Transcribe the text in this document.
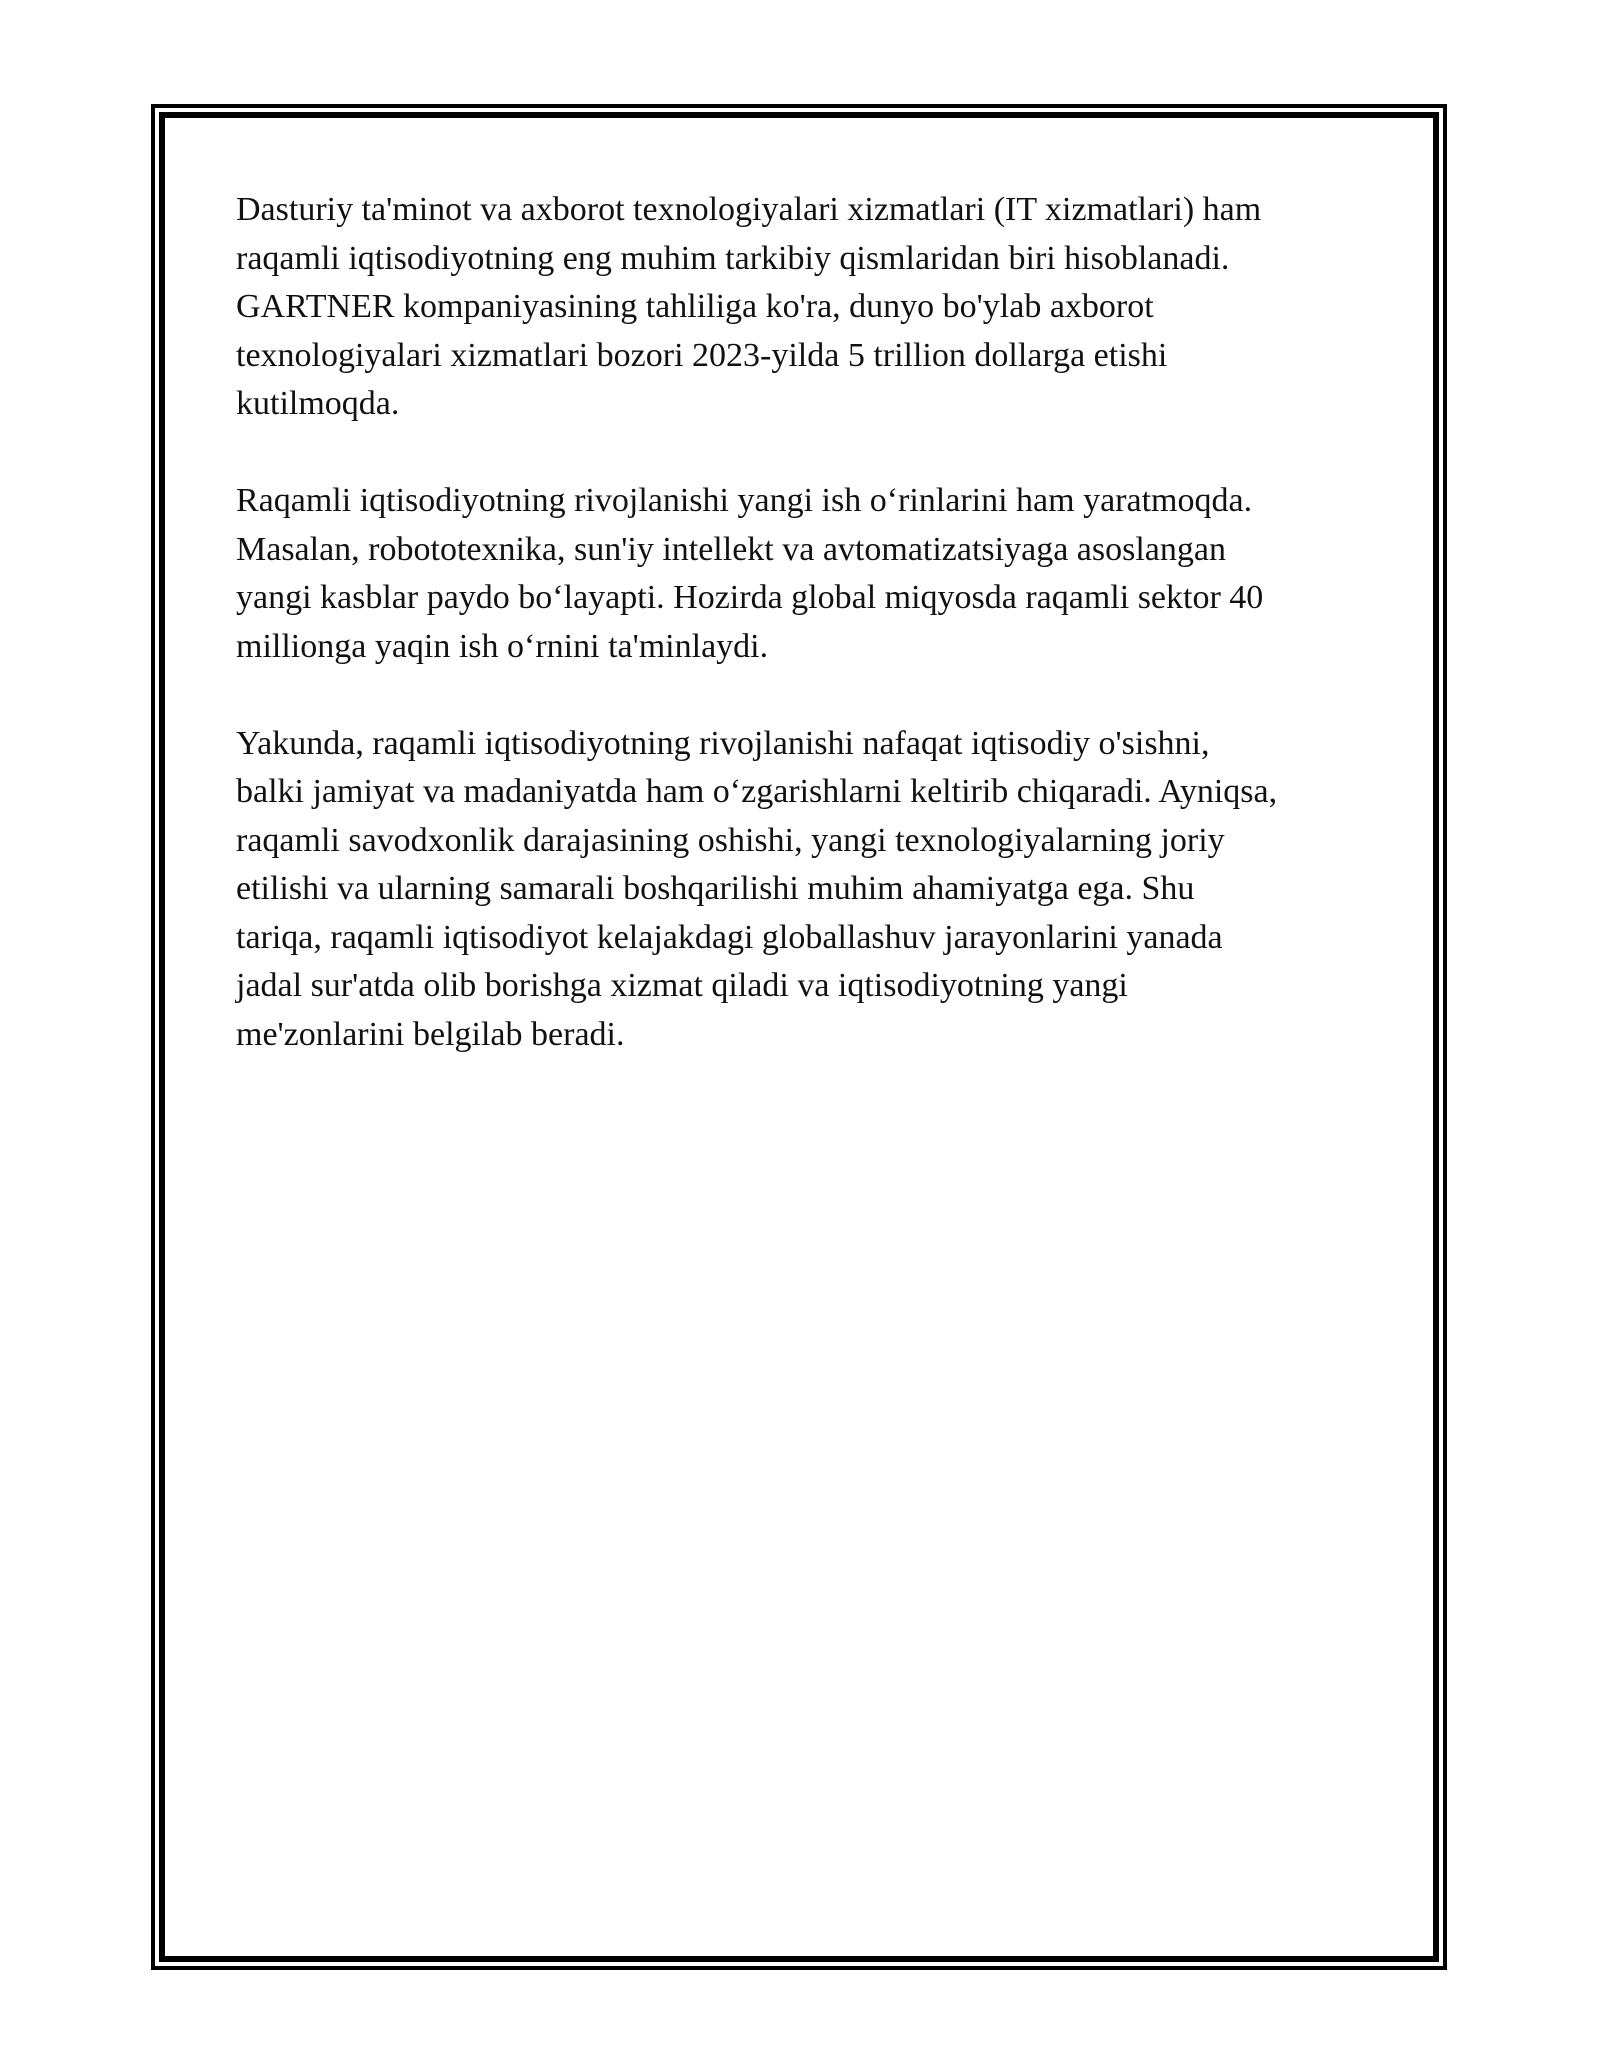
Dasturiy ta'minot va axborot texnologiyalari xizmatlari (IT xizmatlari) ham
raqamli iqtisodiyotning eng muhim tarkibiy qismlaridan biri hisoblanadi.
GARTNER kompaniyasining tahliliga ko'ra, dunyo bo'ylab axborot
texnologiyalari xizmatlari bozori 2023-yilda 5 trillion dollarga etishi
kutilmoqda.

Raqamli iqtisodiyotning rivojlanishi yangi ish o‘rinlarini ham yaratmoqda.
Masalan, robototexnika, sun'iy intellekt va avtomatizatsiyaga asoslangan
yangi kasblar paydo bo‘layapti. Hozirda global miqyosda raqamli sektor 40
millionga yaqin ish o‘rnini ta'minlaydi.

Yakunda, raqamli iqtisodiyotning rivojlanishi nafaqat iqtisodiy o'sishni,
balki jamiyat va madaniyatda ham o‘zgarishlarni keltirib chiqaradi. Ayniqsa,
raqamli savodxonlik darajasining oshishi, yangi texnologiyalarning joriy
etilishi va ularning samarali boshqarilishi muhim ahamiyatga ega. Shu
tariqa, raqamli iqtisodiyot kelajakdagi globallashuv jarayonlarini yanada
jadal sur'atda olib borishga xizmat qiladi va iqtisodiyotning yangi
me'zonlarini belgilab beradi.
